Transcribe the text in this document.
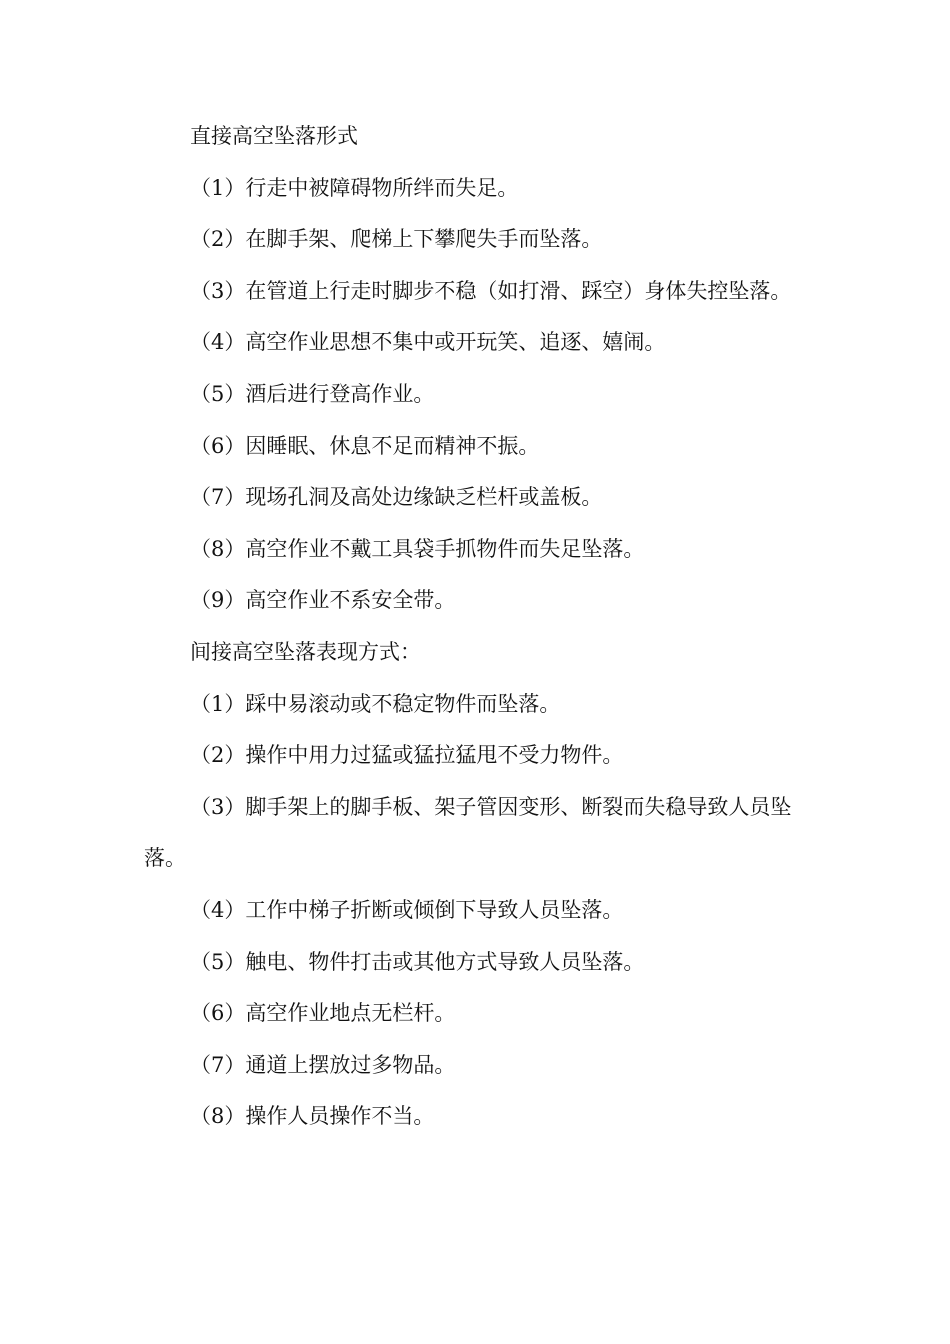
直接高空坠落形式

（1）行走中被障碍物所绊而失足。

（2）在脚手架、爬梯上下攀爬失手而坠落。

（3）在管道上行走时脚步不稳（如打滑、踩空）身体失控坠落。

（4）高空作业思想不集中或开玩笑、追逐、嬉闹。

（5）酒后进行登高作业。

（6）因睡眠、休息不足而精神不振。

（7）现场孔洞及高处边缘缺乏栏杆或盖板。

（8）高空作业不戴工具袋手抓物件而失足坠落。

（9）高空作业不系安全带。

间接高空坠落表现方式：

（1）踩中易滚动或不稳定物件而坠落。

（2）操作中用力过猛或猛拉猛甩不受力物件。

（3）脚手架上的脚手板、架子管因变形、断裂而失稳导致人员坠落。

（4）工作中梯子折断或倾倒下导致人员坠落。

（5）触电、物件打击或其他方式导致人员坠落。

（6）高空作业地点无栏杆。

（7）通道上摆放过多物品。

（8）操作人员操作不当。
